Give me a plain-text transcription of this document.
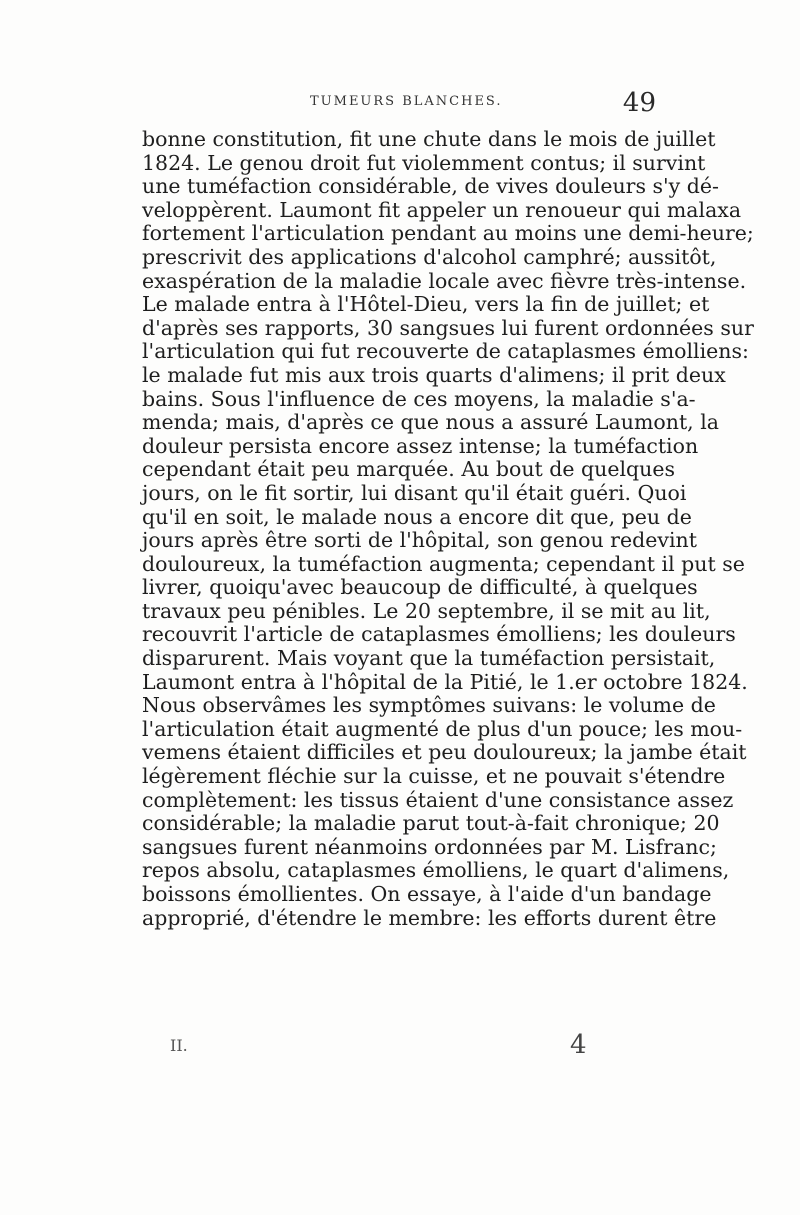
TUMEURS BLANCHES.	49
bonne constitution, fit une chute dans le mois de juillet
1824. Le genou droit fut violemment contus; il survint
une tuméfaction considérable, de vives douleurs s'y dé-
veloppèrent. Laumont fit appeler un renoueur qui malaxa
fortement l'articulation pendant au moins une demi-heure;
prescrivit des applications d'alcohol camphré; aussitôt,
exaspération de la maladie locale avec fièvre très-intense.
Le malade entra à l'Hôtel-Dieu, vers la fin de juillet; et
d'après ses rapports, 30 sangsues lui furent ordonnées sur
l'articulation qui fut recouverte de cataplasmes émolliens:
le malade fut mis aux trois quarts d'alimens; il prit deux
bains. Sous l'influence de ces moyens, la maladie s'a-
menda; mais, d'après ce que nous a assuré Laumont, la
douleur persista encore assez intense; la tuméfaction
cependant était peu marquée. Au bout de quelques
jours, on le fit sortir, lui disant qu'il était guéri. Quoi
qu'il en soit, le malade nous a encore dit que, peu de
jours après être sorti de l'hôpital, son genou redevint
douloureux, la tuméfaction augmenta; cependant il put se
livrer, quoiqu'avec beaucoup de difficulté, à quelques
travaux peu pénibles. Le 20 septembre, il se mit au lit,
recouvrit l'article de cataplasmes émolliens; les douleurs
disparurent. Mais voyant que la tuméfaction persistait,
Laumont entra à l'hôpital de la Pitié, le 1.er octobre 1824.
Nous observâmes les symptômes suivans: le volume de
l'articulation était augmenté de plus d'un pouce; les mou-
vemens étaient difficiles et peu douloureux; la jambe était
légèrement fléchie sur la cuisse, et ne pouvait s'étendre
complètement: les tissus étaient d'une consistance assez
considérable; la maladie parut tout-à-fait chronique; 20
sangsues furent néanmoins ordonnées par M. Lisfranc;
repos absolu, cataplasmes émolliens, le quart d'alimens,
boissons émollientes. On essaye, à l'aide d'un bandage
approprié, d'étendre le membre: les efforts durent être
II.	4
